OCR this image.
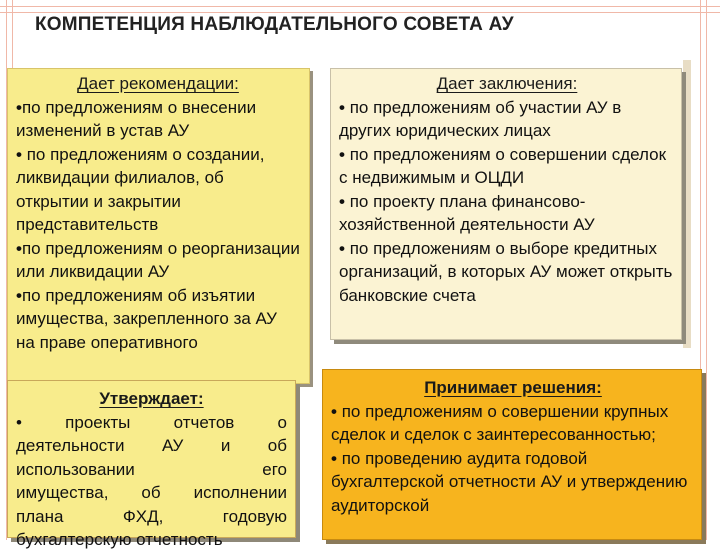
КОМПЕТЕНЦИЯ НАБЛЮДАТЕЛЬНОГО СОВЕТА АУ
Дает рекомендации:

•по предложениям о внесении изменений в устав АУ

• по предложениям о создании, ликвидации филиалов, об открытии и закрытии представительств

•по предложениям о реорганизации или ликвидации АУ

•по предложениям об изъятии имущества, закрепленного за АУ на праве оперативного

Утверждает:
• проекты отчетов о
деятельности АУ и об
использовании его
имущества, об исполнении
плана ФХД, годовую
бухгалтерскую отчетность
Дает заключения:

• по предложениям об участии АУ в других юридических лицах

• по предложениям о совершении сделок с недвижимым и ОЦДИ

• по проекту плана финансово-хозяйственной деятельности АУ

• по предложениям о выборе кредитных организаций, в которых АУ может открыть банковские счета

Принимает решения:

• по предложениям о совершении крупных сделок и сделок с заинтересованностью;

• по проведению аудита годовой бухгалтерской отчетности АУ и утверждению аудиторской
